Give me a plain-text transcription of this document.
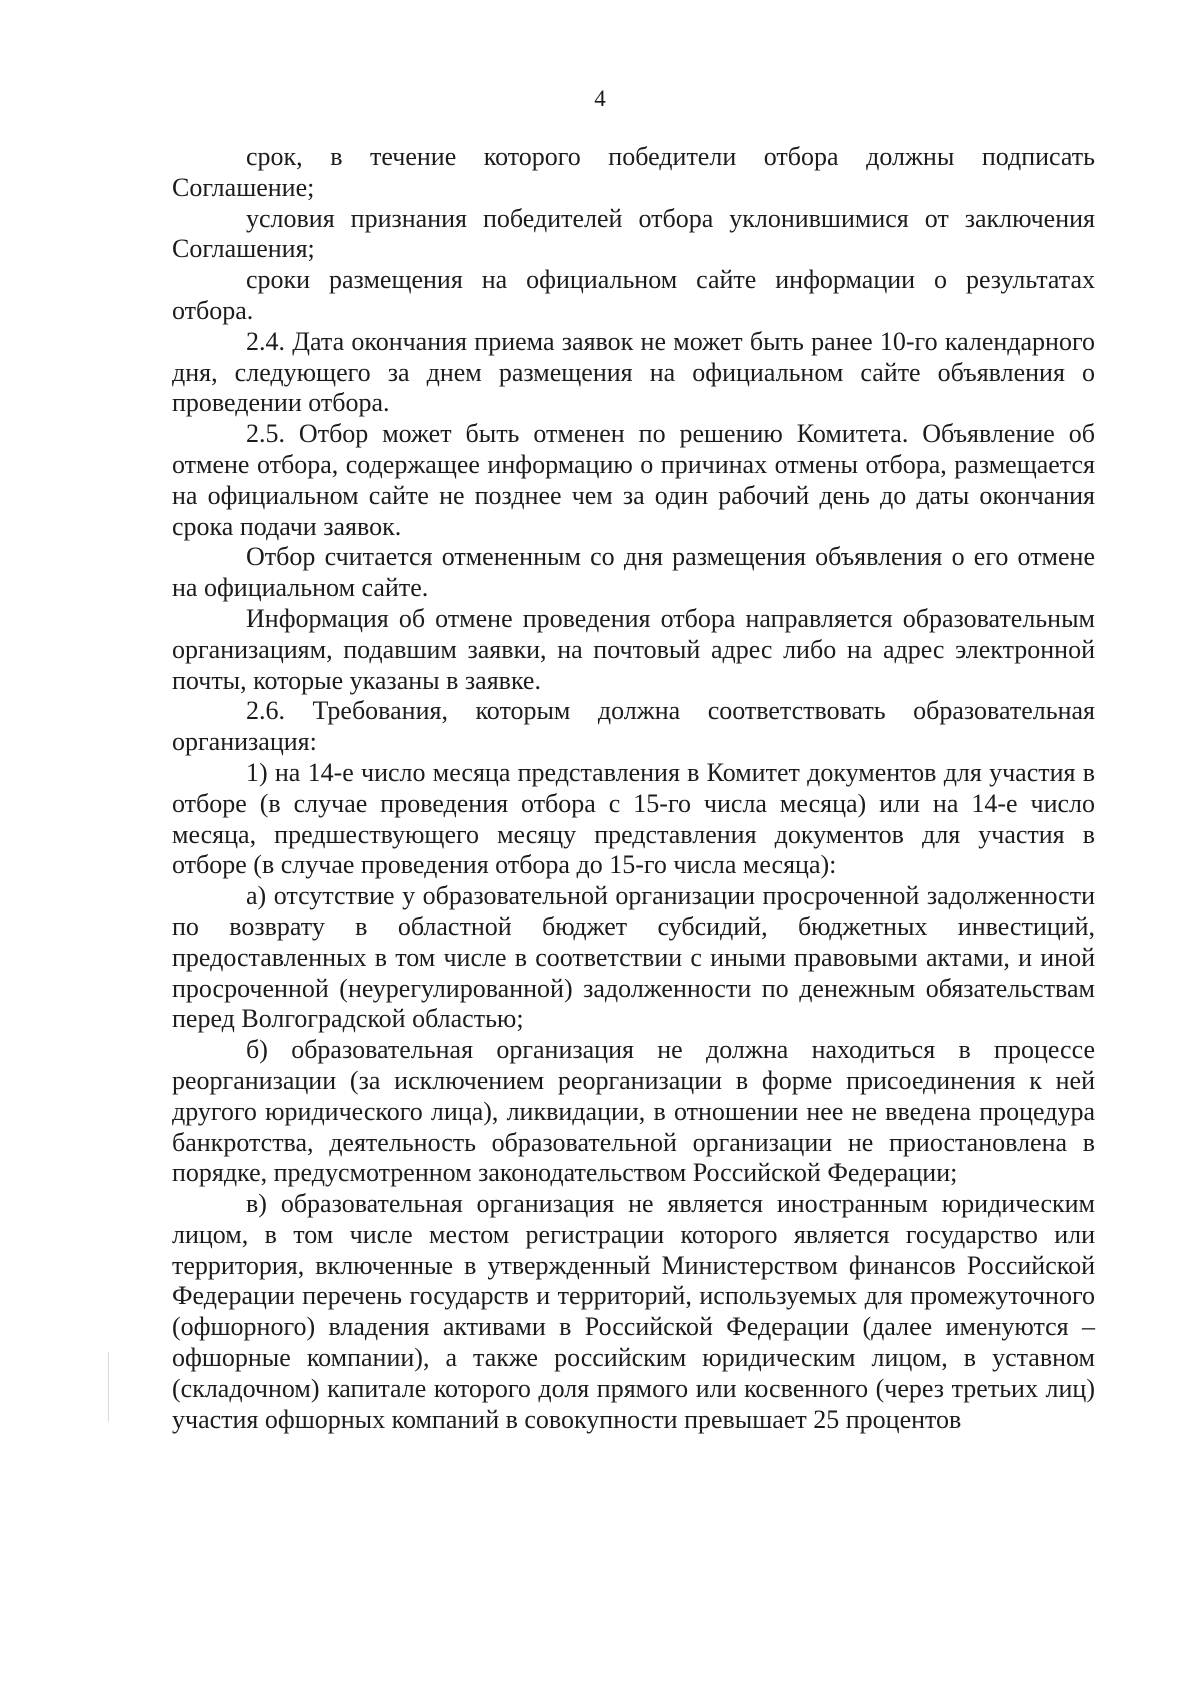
4

срок, в течение которого победители отбора должны подписать Соглашение;

условия признания победителей отбора уклонившимися от заключения Соглашения;

сроки размещения на официальном сайте информации о результатах отбора.

2.4. Дата окончания приема заявок не может быть ранее 10-го календарного дня, следующего за днем размещения на официальном сайте объявления о проведении отбора.

2.5. Отбор может быть отменен по решению Комитета. Объявление об отмене отбора, содержащее информацию о причинах отмены отбора, размещается на официальном сайте не позднее чем за один рабочий день до даты окончания срока подачи заявок.

Отбор считается отмененным со дня размещения объявления о его отмене на официальном сайте.

Информация об отмене проведения отбора направляется образовательным организациям, подавшим заявки, на почтовый адрес либо на адрес электронной почты, которые указаны в заявке.

2.6. Требования, которым должна соответствовать образовательная организация:

1) на 14-е число месяца представления в Комитет документов для участия в отборе (в случае проведения отбора с 15-го числа месяца) или на 14-е число месяца, предшествующего месяцу представления документов для участия в отборе (в случае проведения отбора до 15-го числа месяца):

а) отсутствие у образовательной организации просроченной задолженности по возврату в областной бюджет субсидий, бюджетных инвестиций, предоставленных в том числе в соответствии с иными правовыми актами, и иной просроченной (неурегулированной) задолженности по денежным обязательствам перед Волгоградской областью;

б) образовательная организация не должна находиться в процессе реорганизации (за исключением реорганизации в форме присоединения к ней другого юридического лица), ликвидации, в отношении нее не введена процедура банкротства, деятельность образовательной организации не приостановлена в порядке, предусмотренном законодательством Российской Федерации;

в) образовательная организация не является иностранным юридическим лицом, в том числе местом регистрации которого является государство или территория, включенные в утвержденный Министерством финансов Российской Федерации перечень государств и территорий, используемых для промежуточного (офшорного) владения активами в Российской Федерации (далее именуются – офшорные компании), а также российским юридическим лицом, в уставном (складочном) капитале которого доля прямого или косвенного (через третьих лиц) участия офшорных компаний в совокупности превышает 25 процентов
